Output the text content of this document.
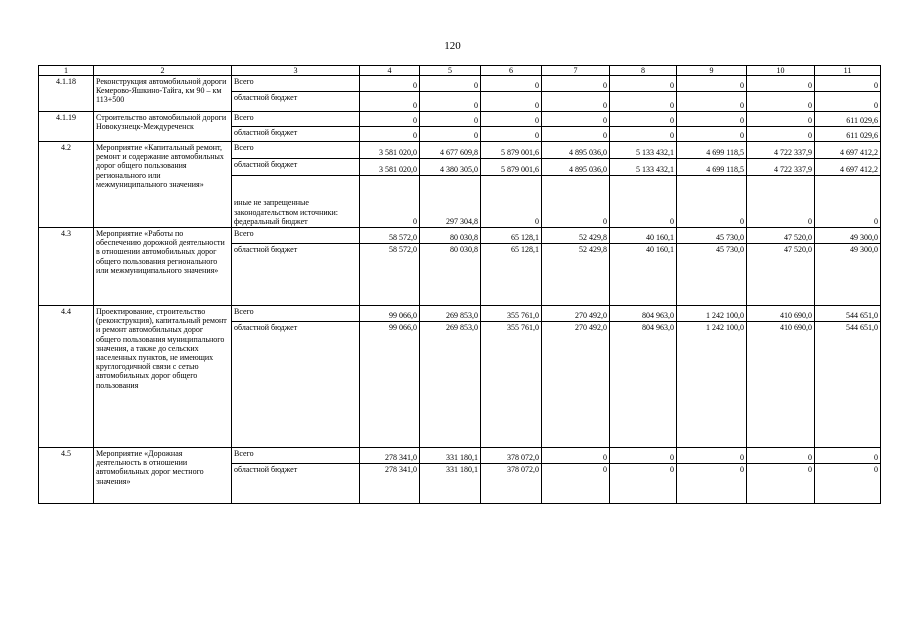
120
1	2	3	4	5	6	7	8	9	10	11
4.1.18	Реконструкция автомобильной дороги Кемерово-Яшкино-Тайга, км 90 – км 113+500	Всего	0	0	0	0	0	0	0	0
		областной бюджет	0	0	0	0	0	0	0	0
4.1.19	Строительство автомобильной дороги Новокузнецк-Междуреченск	Всего	0	0	0	0	0	0	0	611 029,6
		областной бюджет	0	0	0	0	0	0	0	611 029,6
4.2	Мероприятие «Капитальный ремонт, ремонт и содержание автомобильных дорог общего пользования регионального или межмуниципального значения»	Всего	3 581 020,0	4 677 609,8	5 879 001,6	4 895 036,0	5 133 432,1	4 699 118,5	4 722 337,9	4 697 412,2
		областной бюджет	3 581 020,0	4 380 305,0	5 879 001,6	4 895 036,0	5 133 432,1	4 699 118,5	4 722 337,9	4 697 412,2
		иные не запрещенные законодательством источники: федеральный бюджет	0	297 304,8	0	0	0	0	0	0
4.3	Мероприятие «Работы по обеспечению дорожной деятельности в отношении автомобильных дорог общего пользования регионального или межмуниципального значения»	Всего	58 572,0	80 030,8	65 128,1	52 429,8	40 160,1	45 730,0	47 520,0	49 300,0
		областной бюджет	58 572,0	80 030,8	65 128,1	52 429,8	40 160,1	45 730,0	47 520,0	49 300,0
4.4	Проектирование, строительство (реконструкция), капитальный ремонт и ремонт автомобильных дорог общего пользования муниципального значения, а также до сельских населенных пунктов, не имеющих круглогодичной связи с сетью автомобильных дорог общего пользования	Всего	99 066,0	269 853,0	355 761,0	270 492,0	804 963,0	1 242 100,0	410 690,0	544 651,0
		областной бюджет	99 066,0	269 853,0	355 761,0	270 492,0	804 963,0	1 242 100,0	410 690,0	544 651,0
4.5	Мероприятие «Дорожная деятельность в отношении автомобильных дорог местного значения»	Всего	278 341,0	331 180,1	378 072,0	0	0	0	0	0
		областной бюджет	278 341,0	331 180,1	378 072,0	0	0	0	0	0
